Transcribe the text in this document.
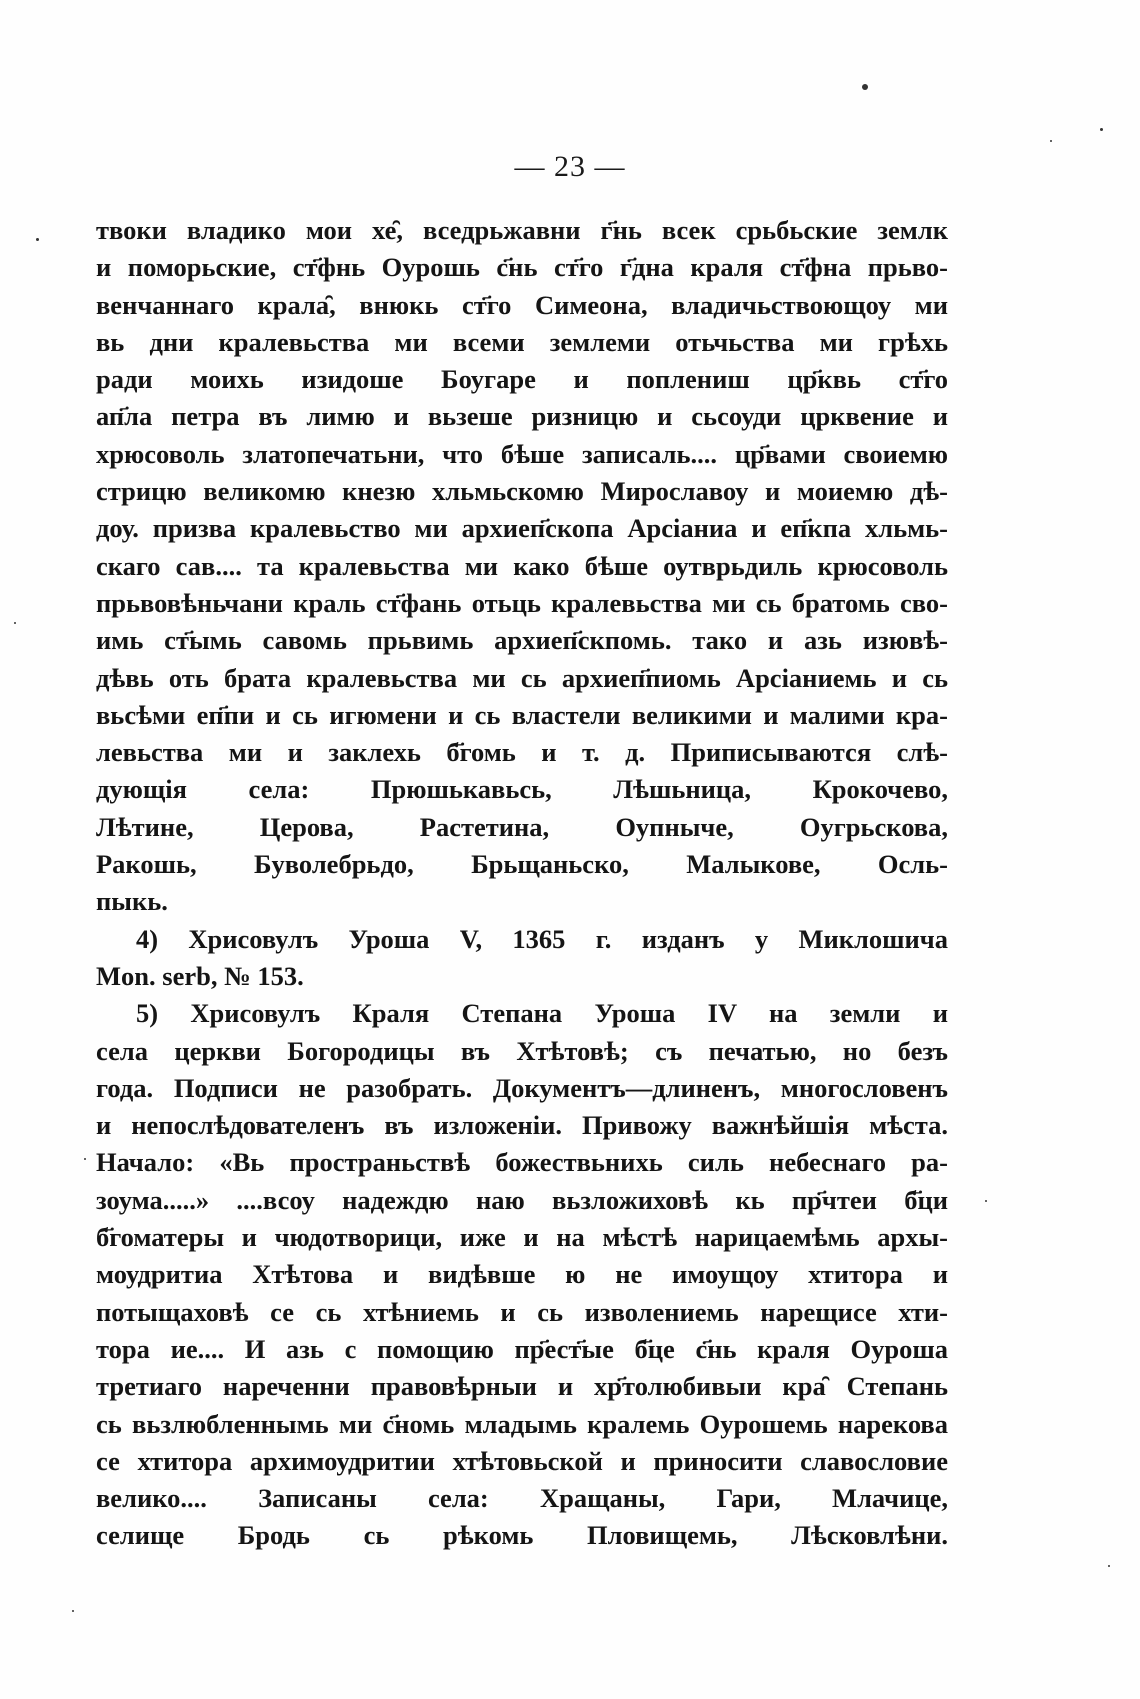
— 23 —
твоки владико мои хе̑, вседрьжавни г҃нь всек срьбьские землк
и поморьские, ст҃фнь Оурошь с҃нь ст҃го г҃дна краля ст҃фна прьво-
венчаннаго крала̑, внюкь ст҃го Симеона, владичьствоющоу ми
вь дни кралевьства ми всеми землеми отьчьства ми грѣхь
ради моихь изидоше Боугаре и поплениш цр҃квь ст҃го
ап҃ла петра въ лимю и вьзеше ризницю и сьсоуди црквение и
хрюсоволь златопечатьни, что бѣше записаль.... цр҃вами своиемю
стрицю великомю кнезю хльмьскомю Мирославоу и моиемю дѣ-
доу. призва кралевьство ми архиеп҃скопа Арсіаниа и еп҃кпа хльмь-
скаго сав.... та кралевьства ми како бѣше оутврьдиль крюсоволь
прьвовѣньчани краль ст҃фань отьць кралевьства ми сь братомь сво-
имь ст҃ымь савомь прьвимь архиеп҃скпомь. тако и азь изювѣ-
дѣвь оть брата кралевьства ми сь архиеп҃пиомь Арсіаниемь и сь
вьсѣми еп҃пи и сь игюмени и сь властели великими и малими кра-
левьства ми и заклехь б҃гомь и т. д. Приписываются слѣ-
дующія села: Прюшькавьсь, Лѣшьница, Крокочево,
Лѣтине, Церова, Растетина, Оупныче, Оугрьскова,
Ракошь, Бyволебрьдо, Брьщаньско, Малыкове, Осль-
пыкь.
4) Хрисовулъ Уроша V, 1365 г. изданъ у Миклошича
Mon. serb, № 153.
5) Хрисовулъ Краля Степана Уроша IV на земли и
села церкви Богородицы въ Хтѣтовѣ; съ печатью, но безъ
года. Подписи не разобрать. Документъ—длиненъ, многословенъ
и непослѣдователенъ въ изложеніи. Привожу важнѣйшія мѣста.
Начало: «Вь пространьствѣ божествьнихь силь небеснаго ра-
зоума.....» ....всоу надеждю наю вьзложиховѣ кь пр҃чтеи б҃ци
б҃гоматеры и чюдотворици, иже и на мѣстѣ нарицаемѣмь архы-
моудритиа Хтѣтова и видѣвше ю не имоущоу хтитора и
потыщаховѣ се сь хтѣниемь и сь изволениемь нарещисе хти-
тора ие.... И азь с помощию пр҃ест҃ые б҃це с҃нь краля Оуроша
третиаго нареченни правовѣрныи и хр҃толюбивыи кра̑ Степань
сь вьзлюбленнымь ми с҃номь младымь кралемь Оурошемь нарекова
се хтитора архимоудритии хтѣтовьской и приносити славословие
велико.... Записаны села: Хращаны, Гари, Млачице,
селище Бродь сь рѣкомь Пловищемь, Лѣсковлѣни.
